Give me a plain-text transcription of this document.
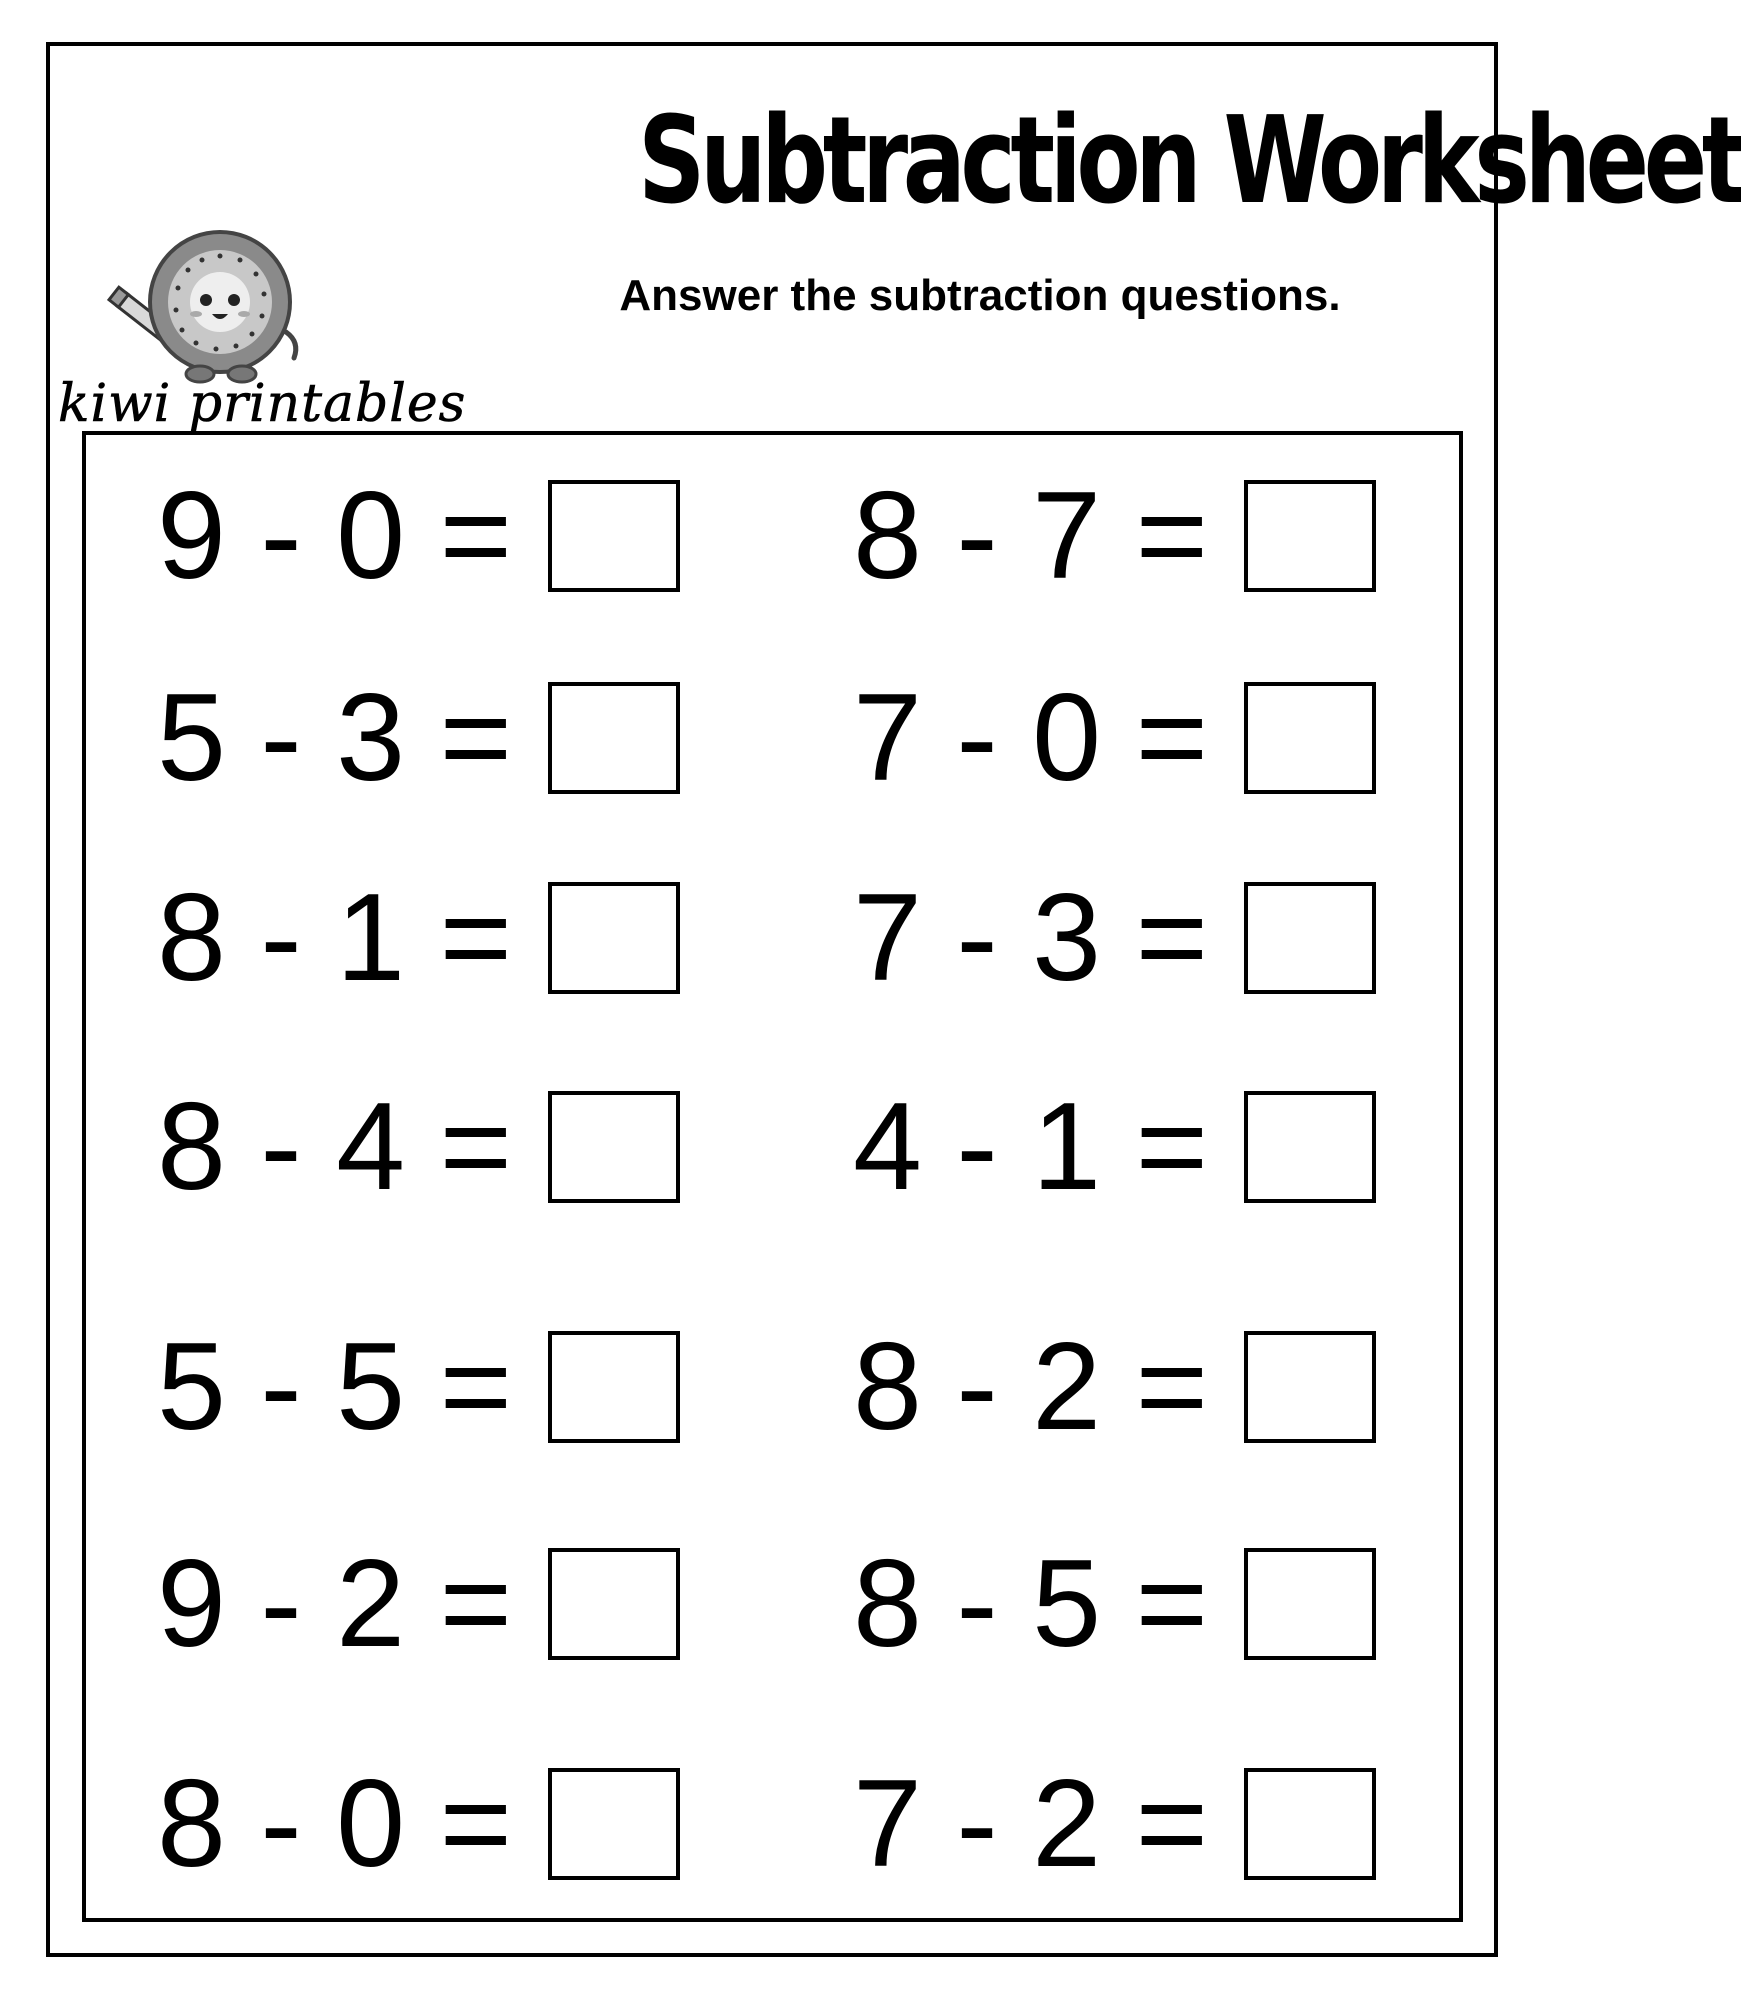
Subtraction Worksheet
Answer the subtraction questions.
kiwi printables
9 - 0 =	8 - 7 =
5 - 3 =	7 - 0 =
8 - 1 =	7 - 3 =
8 - 4 =	4 - 1 =
5 - 5 =	8 - 2 =
9 - 2 =	8 - 5 =
8 - 0 =	7 - 2 =
